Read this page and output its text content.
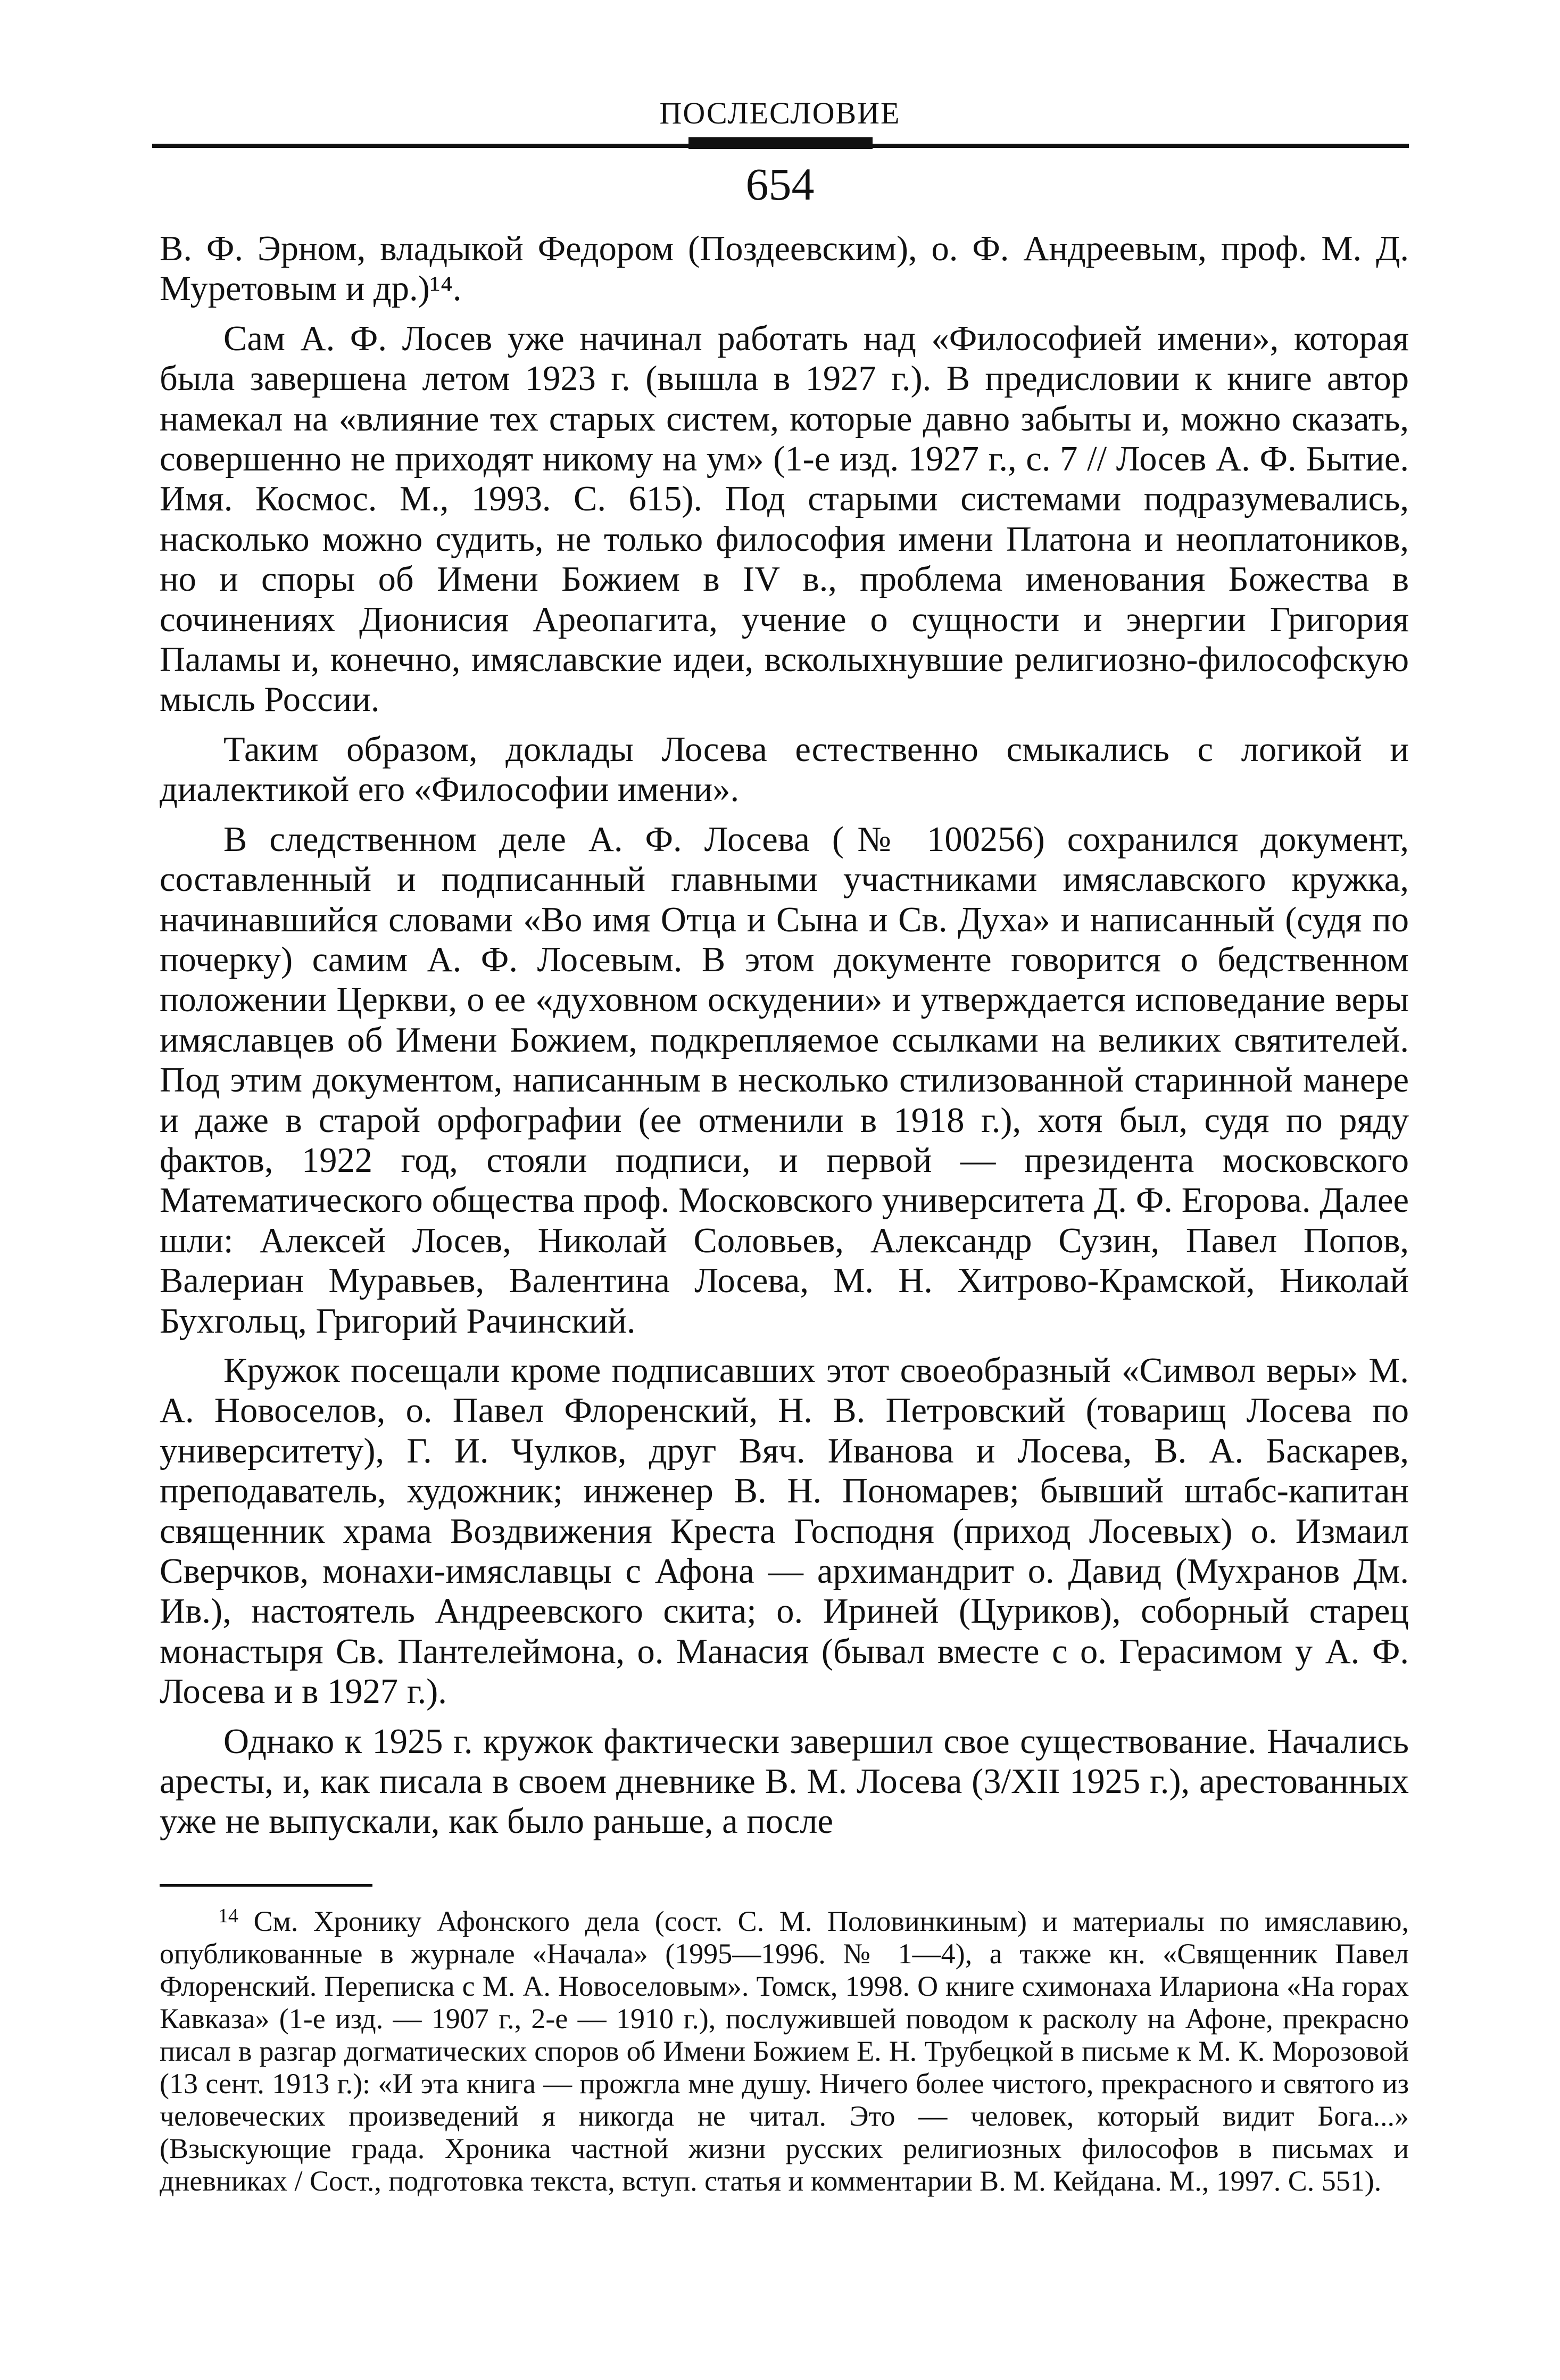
ПОСЛЕСЛОВИЕ
654

В. Ф. Эрном, владыкой Федором (Поздеевским), о. Ф. Андреевым, проф. М. Д. Муретовым и др.)¹⁴.

Сам А. Ф. Лосев уже начинал работать над «Философией имени», которая была завершена летом 1923 г. (вышла в 1927 г.). В предисловии к книге автор намекал на «влияние тех старых систем, которые давно забыты и, можно сказать, совершенно не приходят никому на ум» (1-е изд. 1927 г., с. 7 // Лосев А. Ф. Бытие. Имя. Космос. М., 1993. С. 615). Под старыми системами подразумевались, насколько можно судить, не только философия имени Платона и неоплатоников, но и споры об Имени Божием в IV в., проблема именования Божества в сочинениях Дионисия Ареопагита, учение о сущности и энергии Григория Паламы и, конечно, имяславские идеи, всколыхнувшие религиозно-философскую мысль России.

Таким образом, доклады Лосева естественно смыкались с логикой и диалектикой его «Философии имени».

В следственном деле А. Ф. Лосева (№ 100256) сохранился документ, составленный и подписанный главными участниками имяславского кружка, начинавшийся словами «Во имя Отца и Сына и Св. Духа» и написанный (судя по почерку) самим А. Ф. Лосевым. В этом документе говорится о бедственном положении Церкви, о ее «духовном оскудении» и утверждается исповедание веры имяславцев об Имени Божием, подкрепляемое ссылками на великих святителей. Под этим документом, написанным в несколько стилизованной старинной манере и даже в старой орфографии (ее отменили в 1918 г.), хотя был, судя по ряду фактов, 1922 год, стояли подписи, и первой — президента московского Математического общества проф. Московского университета Д. Ф. Егорова. Далее шли: Алексей Лосев, Николай Соловьев, Александр Сузин, Павел Попов, Валериан Муравьев, Валентина Лосева, М. Н. Хитрово-Крамской, Николай Бухгольц, Григорий Рачинский.

Кружок посещали кроме подписавших этот своеобразный «Символ веры» М. А. Новоселов, о. Павел Флоренский, Н. В. Петровский (товарищ Лосева по университету), Г. И. Чулков, друг Вяч. Иванова и Лосева, В. А. Баскарев, преподаватель, художник; инженер В. Н. Пономарев; бывший штабс-капитан священник храма Воздвижения Креста Господня (приход Лосевых) о. Измаил Сверчков, монахи-имяславцы с Афона — архимандрит о. Давид (Мухранов Дм. Ив.), настоятель Андреевского скита; о. Ириней (Цуриков), соборный старец монастыря Св. Пантелеймона, о. Манасия (бывал вместе с о. Герасимом у А. Ф. Лосева и в 1927 г.).

Однако к 1925 г. кружок фактически завершил свое существование. Начались аресты, и, как писала в своем дневнике В. М. Лосева (3/XII 1925 г.), арестованных уже не выпускали, как было раньше, а после

$^{14}$ См. Хронику Афонского дела (сост. С. М. Половинкиным) и материалы по имяславию, опубликованные в журнале «Начала» (1995—1996. № 1—4), а также кн. «Священник Павел Флоренский. Переписка с М. А. Новоселовым». Томск, 1998. О книге схимонаха Илариона «На горах Кавказа» (1-е изд. — 1907 г., 2-е — 1910 г.), послужившей поводом к расколу на Афоне, прекрасно писал в разгар догматических споров об Имени Божием Е. Н. Трубецкой в письме к М. К. Морозовой (13 сент. 1913 г.): «И эта книга — прожгла мне душу. Ничего более чистого, прекрасного и святого из человеческих произведений я никогда не читал. Это — человек, который видит Бога...» (Взыскующие града. Хроника частной жизни русских религиозных философов в письмах и дневниках / Сост., подготовка текста, вступ. статья и комментарии В. М. Кейдана. М., 1997. С. 551).
